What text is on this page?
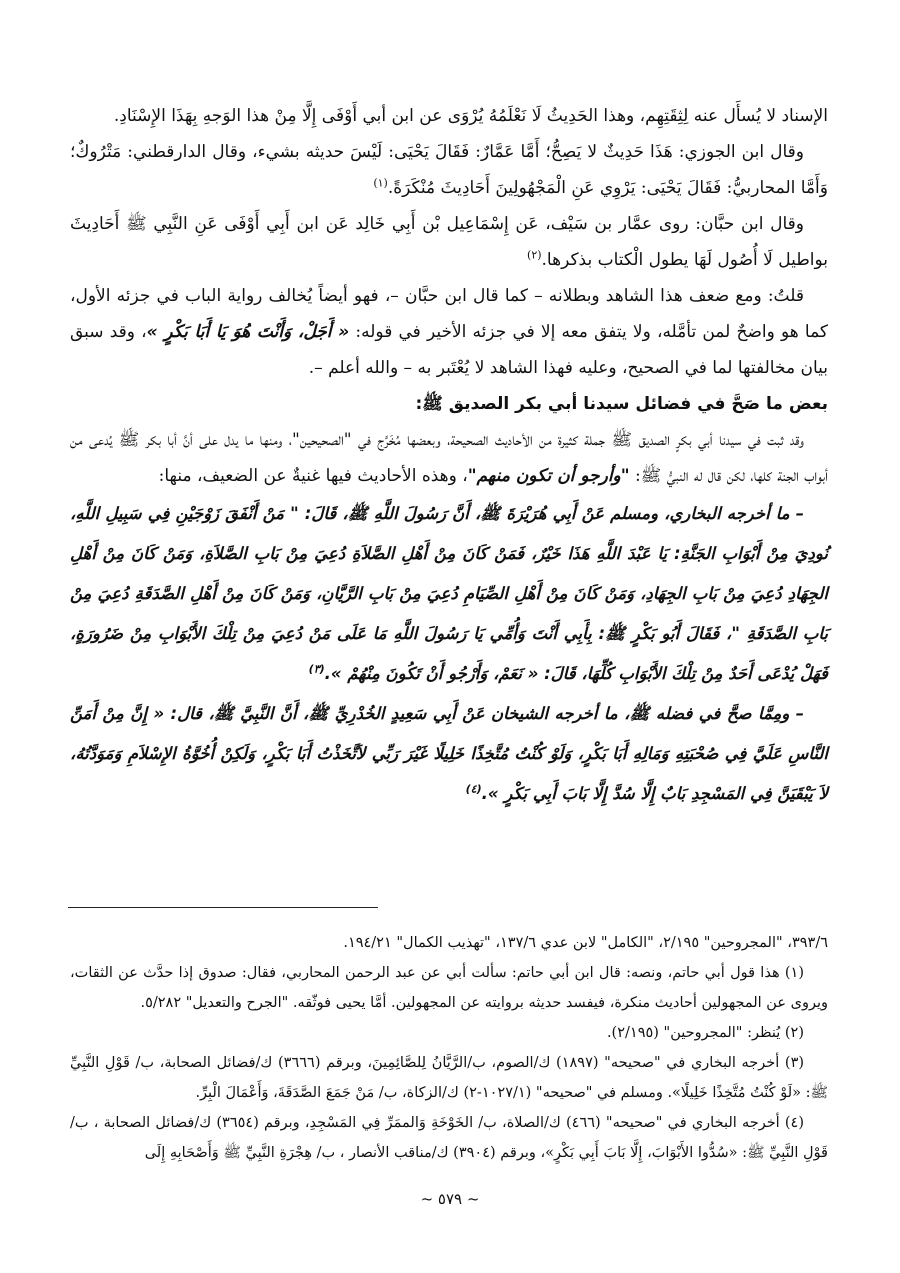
الإسناد لا يُسأَل عنه لِثِقَتِهِم، وهذا الحَدِيثُ لَا نَعْلَمُهُ يُرْوَى عن ابن أبي أَوْفَى إِلَّا مِنْ هذا الوَجهِ بِهَذَا الإِسْنَادِ.

وقال ابن الجوزي: هَذَا حَدِيثٌ لا يَصِحُّ؛ أَمَّا عَمَّارٌ: فَقَالَ يَحْيَى: لَيْسَ حديثه بشيء، وقال الدارقطني: مَتْرُوكٌ؛ وَأَمَّا المحاربيُّ: فَقَالَ يَحْيَى: يَرْوِي عَنِ الْمَجْهُولِينَ أَحَادِيثَ مُنْكَرَةً.$^{(١)}$

وقال ابن حبَّان: روى عمَّار بن سَيْف، عَن إِسْمَاعِيل بْن أَبِي خَالِد عَن ابن أَبِي أَوْفَى عَنِ النَّبِي ﷺ أَحَادِيثَ بواطيل لَا أُصُول لَهَا يطول الْكتاب بذكرها.$^{(٢)}$

قلتُ: ومع ضعف هذا الشاهد وبطلانه – كما قال ابن حبَّان –، فهو أيضاً يُخالف رواية الباب في جزئه الأول، كما هو واضحٌ لمن تأمَّله، ولا يتفق معه إلا في جزئه الأخير في قوله: « أَجَلْ، وَأَنْتَ هُوَ يَا أَبَا بَكْرٍ »، وقد سبق بيان مخالفتها لما في الصحيح، وعليه فهذا الشاهد لا يُعْتَبر به – والله أعلم –.

بعض ما صَحَّ في فضائل سيدنا أبي بكر الصديق ﷺ:

وقد ثبت في سيدنا أبي بكرٍ الصديق ﷺ جملة كثيرة من الأحاديث الصحيحة، وبعضها مُخَرَّج في "الصحيحين"، ومنها ما يدل على أنَّ أبا بكر ﷺ يُدعى من أبواب الجنة كلها، لكن قال له النبيُّ ﷺ: "وأرجو أن تكون منهم"، وهذه الأحاديث فيها غنيةٌ عن الضعيف، منها:

– ما أخرجه البخاري، ومسلم عَنْ أَبِي هُرَيْرَةَ ﷺ، أَنَّ رَسُولَ اللَّهِ ﷺ، قَالَ: " مَنْ أَنْفَقَ زَوْجَيْنِ فِي سَبِيلِ اللَّهِ، نُودِيَ مِنْ أَبْوَابِ الجَنَّةِ: يَا عَبْدَ اللَّهِ هَذَا خَيْرٌ، فَمَنْ كَانَ مِنْ أَهْلِ الصَّلاَةِ دُعِيَ مِنْ بَابِ الصَّلاَةِ، وَمَنْ كَانَ مِنْ أَهْلِ الجِهَادِ دُعِيَ مِنْ بَابِ الجِهَادِ، وَمَنْ كَانَ مِنْ أَهْلِ الصِّيَامِ دُعِيَ مِنْ بَابِ الرَّيَّانِ، وَمَنْ كَانَ مِنْ أَهْلِ الصَّدَقَةِ دُعِيَ مِنْ بَابِ الصَّدَقَةِ "، فَقَالَ أَبُو بَكْرٍ ﷺ: بِأَبِي أَنْتَ وَأُمِّي يَا رَسُولَ اللَّهِ مَا عَلَى مَنْ دُعِيَ مِنْ تِلْكَ الأَبْوَابِ مِنْ ضَرُورَةٍ، فَهَلْ يُدْعَى أَحَدٌ مِنْ تِلْكَ الأَبْوَابِ كُلِّهَا، قَالَ: « نَعَمْ، وَأَرْجُو أَنْ تَكُونَ مِنْهُمْ ».$^{(٣)}$

– ومِمَّا صحَّ في فضله ﷺ، ما أخرجه الشيخان عَنْ أَبِي سَعِيدٍ الخُدْرِيِّ ﷺ، أَنَّ النَّبِيَّ ﷺ، قال: « إِنَّ مِنْ أَمَنِّ النَّاسِ عَلَيَّ فِي صُحْبَتِهِ وَمَالِهِ أَبَا بَكْرٍ، وَلَوْ كُنْتُ مُتَّخِذًا خَلِيلًا غَيْرَ رَبِّي لاَتَّخَذْتُ أَبَا بَكْرٍ، وَلَكِنْ أُخُوَّةُ الإِسْلاَمِ وَمَوَدَّتُهُ، لاَ يَبْقَيَنَّ فِي المَسْجِدِ بَابٌ إِلَّا سُدَّ إِلَّا بَابَ أَبِي بَكْرٍ ».$^{(٤)}$

٣٩٣/٦، "المجروحين" ٢/١٩٥، "الكامل" لابن عدي ١٣٧/٦، "تهذيب الكمال" ١٩٤/٢١.

(١) هذا قول أبي حاتم، ونصه: قال ابن أبي حاتم: سألت أبي عن عبد الرحمن المحاربي، فقال: صدوق إذا حدَّث عن الثقات، ويروى عن المجهولين أحاديث منكرة، فيفسد حديثه بروايته عن المجهولين. أمَّا يحيى فوثّقه. "الجرح والتعديل" ٥/٢٨٢.

(٢) يُنظر: "المجروحين" (٢/١٩٥).

(٣) أخرجه البخاري في "صحيحه" (١٨٩٧) ك/الصوم، ب/الرَّيَّانُ لِلصَّائِمِينَ، وبرقم (٣٦٦٦) ك/فضائل الصحابة، ب/ قَوْلِ النَّبِيِّ ﷺ: «لَوْ كُنْتُ مُتَّخِذًا خَلِيلًا». ومسلم في "صحيحه" (١٠٢٧/١-٢) ك/الزكاة، ب/ مَنْ جَمَعَ الصَّدَقَةَ، وَأَعْمَالَ الْبِرِّ.

(٤) أخرجه البخاري في "صحيحه" (٤٦٦) ك/الصلاة، ب/ الخَوْخَةِ وَالممَرِّ فِي المَسْجِدِ، وبرقم (٣٦٥٤) ك/فضائل الصحابة ، ب/قَوْلِ النَّبِيِّ ﷺ: «سُدُّوا الأَبْوَابَ، إِلَّا بَابَ أَبِي بَكْرٍ»، وبرقم (٣٩٠٤) ك/مناقب الأنصار ، ب/ هِجْرَةِ النَّبِيِّ ﷺ وَأَصْحَابِهِ إِلَى

~ ٥٧٩ ~
